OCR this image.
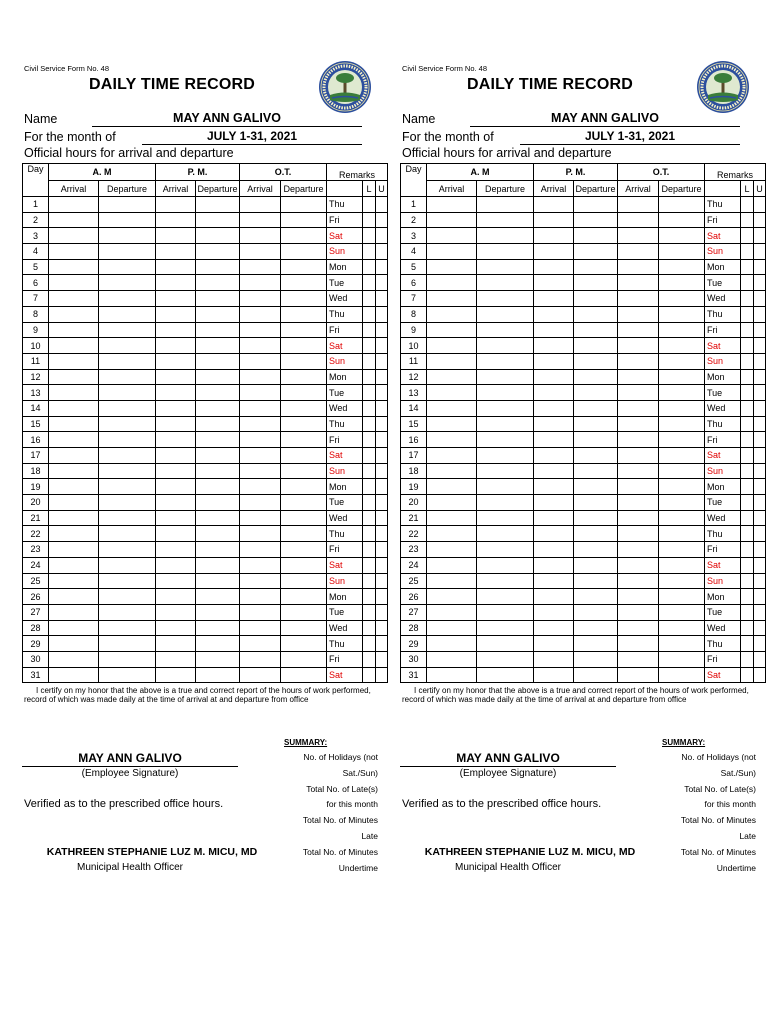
Civil Service Form No. 48
DAILY TIME RECORD
Name	MAY ANN GALIVO
For the month of	JULY 1-31, 2021
Official hours for arrival and departure
Day	A. M		P. M.		O.T.		Remarks		
	Arrival	Departure	Arrival	Departure	Arrival	Departure		L	U
1							Thu		
2							Fri		
3							Sat		
4							Sun		
5							Mon		
6							Tue		
7							Wed		
8							Thu		
9							Fri		
10							Sat		
11							Sun		
12							Mon		
13							Tue		
14							Wed		
15							Thu		
16							Fri		
17							Sat		
18							Sun		
19							Mon		
20							Tue		
21							Wed		
22							Thu		
23							Fri		
24							Sat		
25							Sun		
26							Mon		
27							Tue		
28							Wed		
29							Thu		
30							Fri		
31							Sat		
I certify on my honor that the above is a true and correct report of the hours of work performed, record of which was made daily at the time of arrival at and departure from office
SUMMARY:
No. of Holidays (not
Sat./Sun)
Total No. of Late(s)
for this month
Total No. of Minutes
Late
Total No. of Minutes
Undertime
MAY ANN GALIVO
(Employee Signature)
Verified as to the prescribed office hours.
KATHREEN STEPHANIE LUZ M. MICU, MD
Municipal Health Officer
Civil Service Form No. 48
DAILY TIME RECORD
Name	MAY ANN GALIVO
For the month of	JULY 1-31, 2021
Official hours for arrival and departure
Day	A. M		P. M.		O.T.		Remarks		
	Arrival	Departure	Arrival	Departure	Arrival	Departure		L	U
1							Thu		
2							Fri		
3							Sat		
4							Sun		
5							Mon		
6							Tue		
7							Wed		
8							Thu		
9							Fri		
10							Sat		
11							Sun		
12							Mon		
13							Tue		
14							Wed		
15							Thu		
16							Fri		
17							Sat		
18							Sun		
19							Mon		
20							Tue		
21							Wed		
22							Thu		
23							Fri		
24							Sat		
25							Sun		
26							Mon		
27							Tue		
28							Wed		
29							Thu		
30							Fri		
31							Sat		
I certify on my honor that the above is a true and correct report of the hours of work performed, record of which was made daily at the time of arrival at and departure from office
SUMMARY:
No. of Holidays (not
Sat./Sun)
Total No. of Late(s)
for this month
Total No. of Minutes
Late
Total No. of Minutes
Undertime
MAY ANN GALIVO
(Employee Signature)
Verified as to the prescribed office hours.
KATHREEN STEPHANIE LUZ M. MICU, MD
Municipal Health Officer
